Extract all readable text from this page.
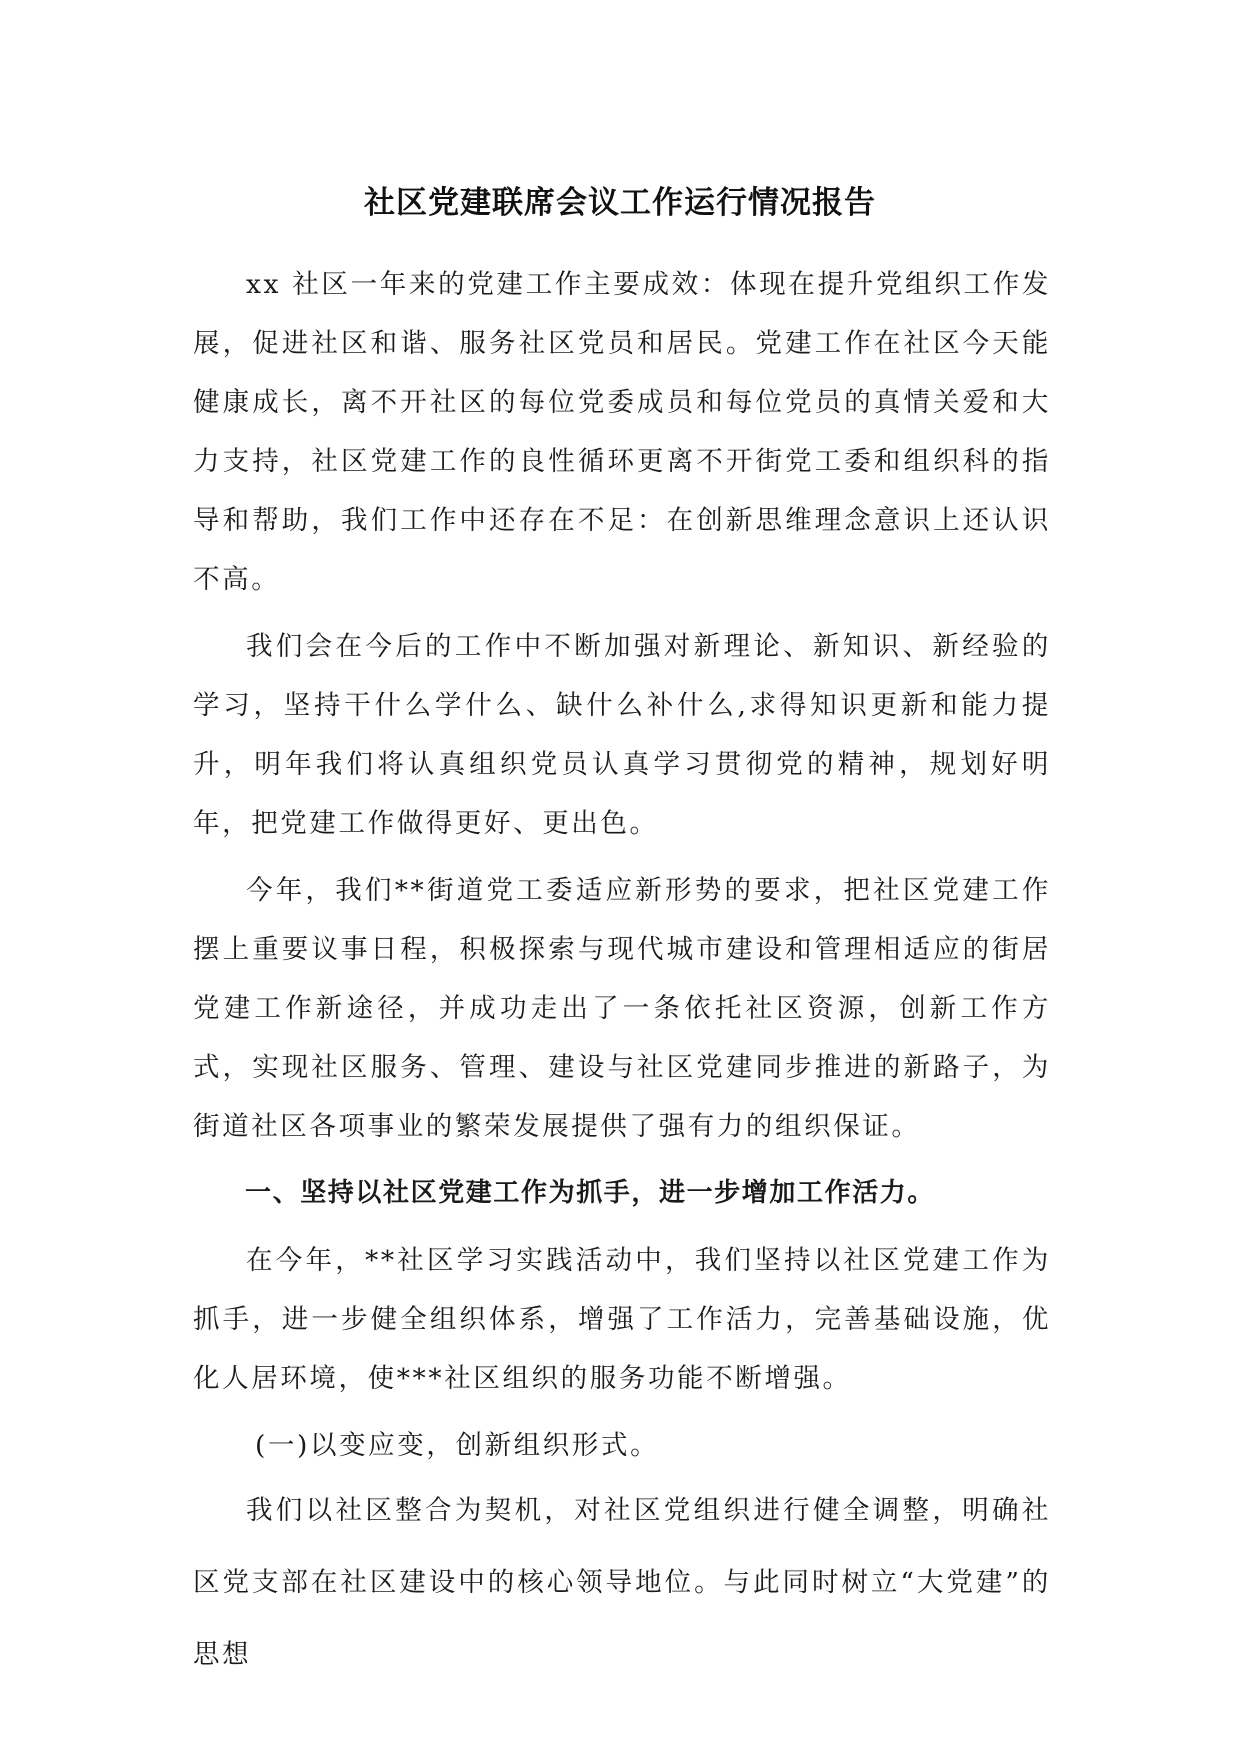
社区党建联席会议工作运行情况报告

xx 社区一年来的党建工作主要成效：体现在提升党组织工作发展，促进社区和谐、服务社区党员和居民。党建工作在社区今天能健康成长，离不开社区的每位党委成员和每位党员的真情关爱和大力支持，社区党建工作的良性循环更离不开街党工委和组织科的指导和帮助，我们工作中还存在不足：在创新思维理念意识上还认识不高。

我们会在今后的工作中不断加强对新理论、新知识、新经验的学习，坚持干什么学什么、缺什么补什么,求得知识更新和能力提升，明年我们将认真组织党员认真学习贯彻党的精神，规划好明年，把党建工作做得更好、更出色。

今年，我们**街道党工委适应新形势的要求，把社区党建工作摆上重要议事日程，积极探索与现代城市建设和管理相适应的街居党建工作新途径，并成功走出了一条依托社区资源，创新工作方式，实现社区服务、管理、建设与社区党建同步推进的新路子，为街道社区各项事业的繁荣发展提供了强有力的组织保证。

一、坚持以社区党建工作为抓手，进一步增加工作活力。

在今年，**社区学习实践活动中，我们坚持以社区党建工作为抓手，进一步健全组织体系，增强了工作活力，完善基础设施，优化人居环境，使***社区组织的服务功能不断增强。

(一)以变应变，创新组织形式。

我们以社区整合为契机，对社区党组织进行健全调整，明确社区党支部在社区建设中的核心领导地位。与此同时树立“大党建”的思想
